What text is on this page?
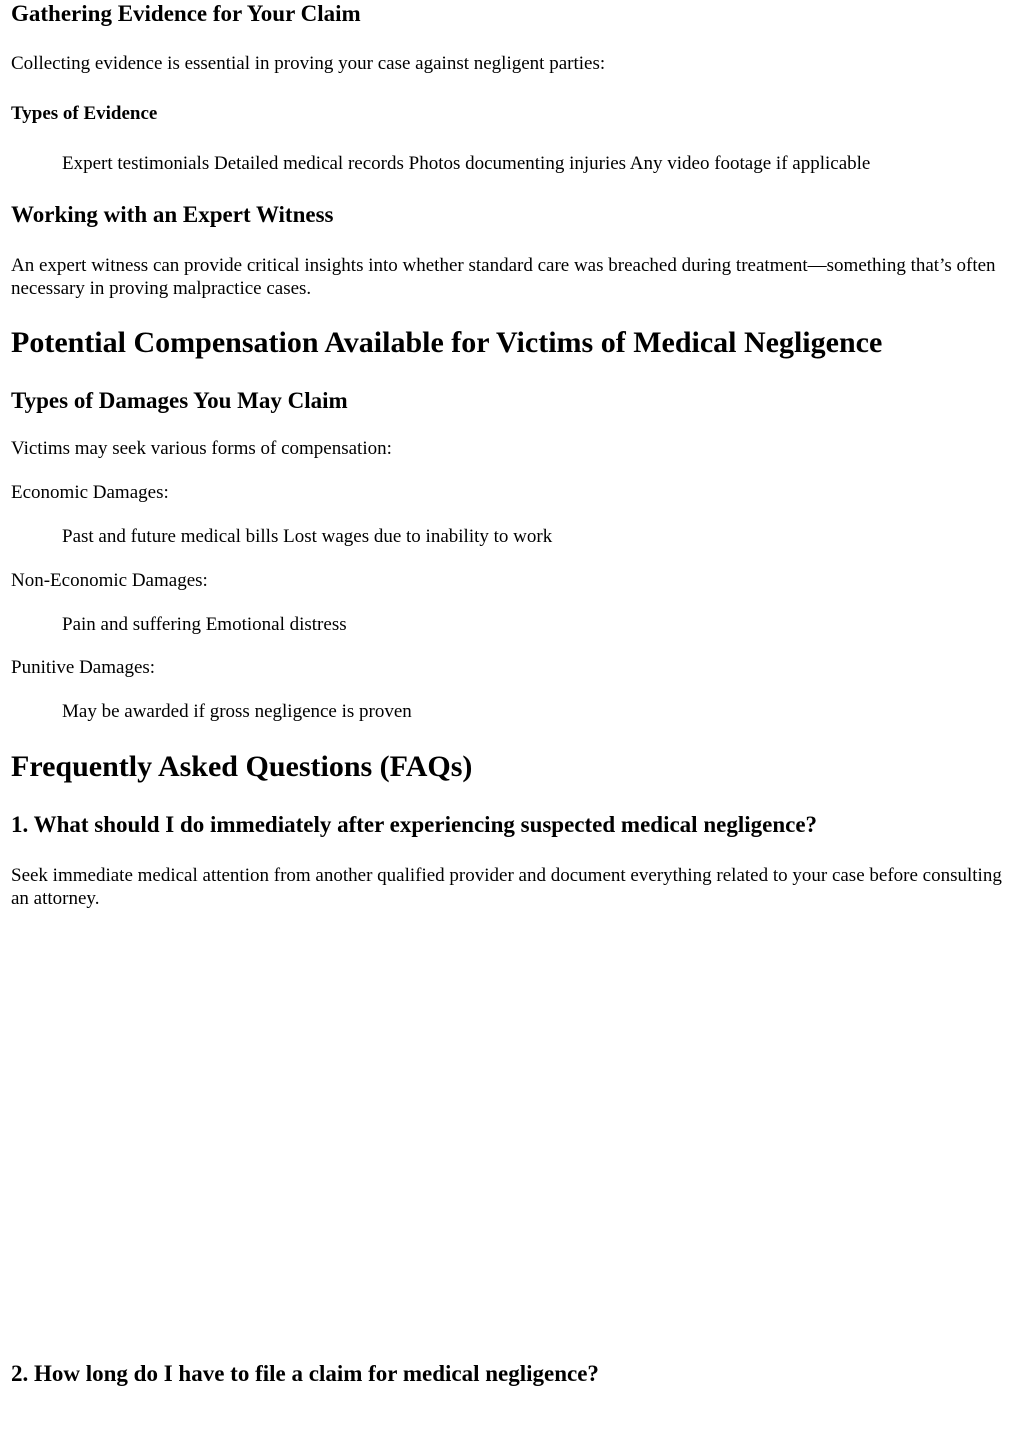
Gathering Evidence for Your Claim

Collecting evidence is essential in proving your case against negligent parties:

Types of Evidence
Expert testimonials Detailed medical records Photos documenting injuries Any video footage if applicable
Working with an Expert Witness

An expert witness can provide critical insights into whether standard care was breached during treatment—something that’s often necessary in proving malpractice cases.

Potential Compensation Available for Victims of Medical Negligence
Types of Damages You May Claim

Victims may seek various forms of compensation:

Economic Damages:

Past and future medical bills Lost wages due to inability to work

Non-Economic Damages:

Pain and suffering Emotional distress

Punitive Damages:

May be awarded if gross negligence is proven
Frequently Asked Questions (FAQs)
1. What should I do immediately after experiencing suspected medical negligence?

Seek immediate medical attention from another qualified provider and document everything related to your case before consulting an attorney.

2. How long do I have to file a claim for medical negligence?
